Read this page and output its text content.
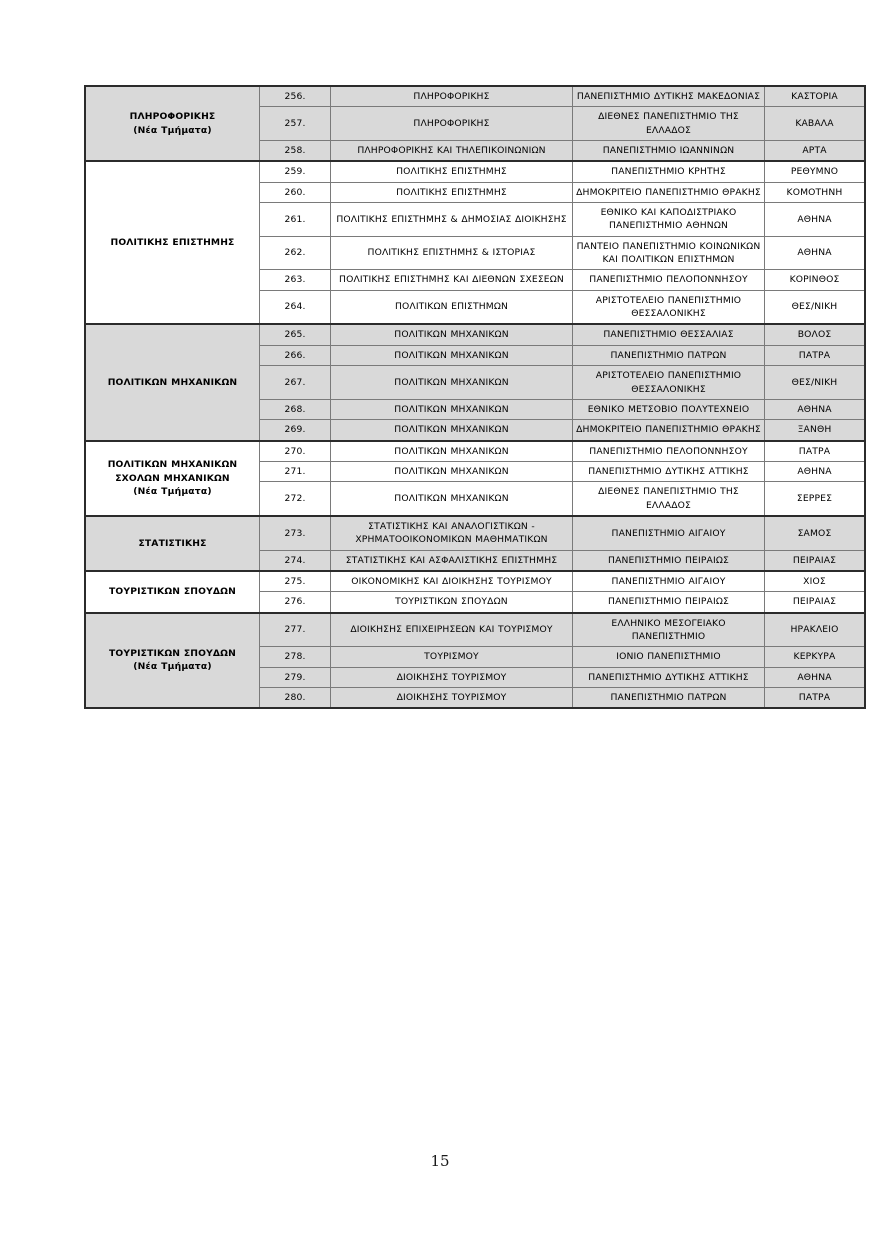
ΠΛΗΡΟΦΟΡΙΚΗΣ
(Νέα Τμήματα)	256.	ΠΛΗΡΟΦΟΡΙΚΗΣ	ΠΑΝΕΠΙΣΤΗΜΙΟ ΔΥΤΙΚΗΣ ΜΑΚΕΔΟΝΙΑΣ	ΚΑΣΤΟΡΙΑ
	257.	ΠΛΗΡΟΦΟΡΙΚΗΣ	ΔΙΕΘΝΕΣ ΠΑΝΕΠΙΣΤΗΜΙΟ ΤΗΣ ΕΛΛΑΔΟΣ	ΚΑΒΑΛΑ
	258.	ΠΛΗΡΟΦΟΡΙΚΗΣ ΚΑΙ ΤΗΛΕΠΙΚΟΙΝΩΝΙΩΝ	ΠΑΝΕΠΙΣΤΗΜΙΟ ΙΩΑΝΝΙΝΩΝ	ΑΡΤΑ
ΠΟΛΙΤΙΚΗΣ ΕΠΙΣΤΗΜΗΣ	259.	ΠΟΛΙΤΙΚΗΣ ΕΠΙΣΤΗΜΗΣ	ΠΑΝΕΠΙΣΤΗΜΙΟ ΚΡΗΤΗΣ	ΡΕΘΥΜΝΟ
	260.	ΠΟΛΙΤΙΚΗΣ ΕΠΙΣΤΗΜΗΣ	ΔΗΜΟΚΡΙΤΕΙΟ ΠΑΝΕΠΙΣΤΗΜΙΟ ΘΡΑΚΗΣ	ΚΟΜΟΤΗΝΗ
	261.	ΠΟΛΙΤΙΚΗΣ ΕΠΙΣΤΗΜΗΣ & ΔΗΜΟΣΙΑΣ ΔΙΟΙΚΗΣΗΣ	ΕΘΝΙΚΟ ΚΑΙ ΚΑΠΟΔΙΣΤΡΙΑΚΟ ΠΑΝΕΠΙΣΤΗΜΙΟ ΑΘΗΝΩΝ	ΑΘΗΝΑ
	262.	ΠΟΛΙΤΙΚΗΣ ΕΠΙΣΤΗΜΗΣ & ΙΣΤΟΡΙΑΣ	ΠΑΝΤΕΙΟ ΠΑΝΕΠΙΣΤΗΜΙΟ ΚΟΙΝΩΝΙΚΩΝ ΚΑΙ ΠΟΛΙΤΙΚΩΝ ΕΠΙΣΤΗΜΩΝ	ΑΘΗΝΑ
	263.	ΠΟΛΙΤΙΚΗΣ ΕΠΙΣΤΗΜΗΣ ΚΑΙ ΔΙΕΘΝΩΝ ΣΧΕΣΕΩΝ	ΠΑΝΕΠΙΣΤΗΜΙΟ ΠΕΛΟΠΟΝΝΗΣΟΥ	ΚΟΡΙΝΘΟΣ
	264.	ΠΟΛΙΤΙΚΩΝ ΕΠΙΣΤΗΜΩΝ	ΑΡΙΣΤΟΤΕΛΕΙΟ ΠΑΝΕΠΙΣΤΗΜΙΟ ΘΕΣΣΑΛΟΝΙΚΗΣ	ΘΕΣ/ΝΙΚΗ
ΠΟΛΙΤΙΚΩΝ ΜΗΧΑΝΙΚΩΝ	265.	ΠΟΛΙΤΙΚΩΝ ΜΗΧΑΝΙΚΩΝ	ΠΑΝΕΠΙΣΤΗΜΙΟ ΘΕΣΣΑΛΙΑΣ	ΒΟΛΟΣ
	266.	ΠΟΛΙΤΙΚΩΝ ΜΗΧΑΝΙΚΩΝ	ΠΑΝΕΠΙΣΤΗΜΙΟ ΠΑΤΡΩΝ	ΠΑΤΡΑ
	267.	ΠΟΛΙΤΙΚΩΝ ΜΗΧΑΝΙΚΩΝ	ΑΡΙΣΤΟΤΕΛΕΙΟ ΠΑΝΕΠΙΣΤΗΜΙΟ ΘΕΣΣΑΛΟΝΙΚΗΣ	ΘΕΣ/ΝΙΚΗ
	268.	ΠΟΛΙΤΙΚΩΝ ΜΗΧΑΝΙΚΩΝ	ΕΘΝΙΚΟ ΜΕΤΣΟΒΙΟ ΠΟΛΥΤΕΧΝΕΙΟ	ΑΘΗΝΑ
	269.	ΠΟΛΙΤΙΚΩΝ ΜΗΧΑΝΙΚΩΝ	ΔΗΜΟΚΡΙΤΕΙΟ ΠΑΝΕΠΙΣΤΗΜΙΟ ΘΡΑΚΗΣ	ΞΑΝΘΗ
ΠΟΛΙΤΙΚΩΝ ΜΗΧΑΝΙΚΩΝ ΣΧΟΛΩΝ ΜΗΧΑΝΙΚΩΝ
(Νέα Τμήματα)	270.	ΠΟΛΙΤΙΚΩΝ ΜΗΧΑΝΙΚΩΝ	ΠΑΝΕΠΙΣΤΗΜΙΟ ΠΕΛΟΠΟΝΝΗΣΟΥ	ΠΑΤΡΑ
	271.	ΠΟΛΙΤΙΚΩΝ ΜΗΧΑΝΙΚΩΝ	ΠΑΝΕΠΙΣΤΗΜΙΟ ΔΥΤΙΚΗΣ ΑΤΤΙΚΗΣ	ΑΘΗΝΑ
	272.	ΠΟΛΙΤΙΚΩΝ ΜΗΧΑΝΙΚΩΝ	ΔΙΕΘΝΕΣ ΠΑΝΕΠΙΣΤΗΜΙΟ ΤΗΣ ΕΛΛΑΔΟΣ	ΣΕΡΡΕΣ
ΣΤΑΤΙΣΤΙΚΗΣ	273.	ΣΤΑΤΙΣΤΙΚΗΣ ΚΑΙ ΑΝΑΛΟΓΙΣΤΙΚΩΝ - ΧΡΗΜΑΤΟΟΙΚΟΝΟΜΙΚΩΝ ΜΑΘΗΜΑΤΙΚΩΝ	ΠΑΝΕΠΙΣΤΗΜΙΟ ΑΙΓΑΙΟΥ	ΣΑΜΟΣ
	274.	ΣΤΑΤΙΣΤΙΚΗΣ ΚΑΙ ΑΣΦΑΛΙΣΤΙΚΗΣ ΕΠΙΣΤΗΜΗΣ	ΠΑΝΕΠΙΣΤΗΜΙΟ ΠΕΙΡΑΙΩΣ	ΠΕΙΡΑΙΑΣ
ΤΟΥΡΙΣΤΙΚΩΝ ΣΠΟΥΔΩΝ	275.	ΟΙΚΟΝΟΜΙΚΗΣ ΚΑΙ ΔΙΟΙΚΗΣΗΣ ΤΟΥΡΙΣΜΟΥ	ΠΑΝΕΠΙΣΤΗΜΙΟ ΑΙΓΑΙΟΥ	ΧΙΟΣ
	276.	ΤΟΥΡΙΣΤΙΚΩΝ ΣΠΟΥΔΩΝ	ΠΑΝΕΠΙΣΤΗΜΙΟ ΠΕΙΡΑΙΩΣ	ΠΕΙΡΑΙΑΣ
ΤΟΥΡΙΣΤΙΚΩΝ ΣΠΟΥΔΩΝ
(Νέα Τμήματα)	277.	ΔΙΟΙΚΗΣΗΣ ΕΠΙΧΕΙΡΗΣΕΩΝ ΚΑΙ ΤΟΥΡΙΣΜΟΥ	ΕΛΛΗΝΙΚΟ ΜΕΣΟΓΕΙΑΚΟ ΠΑΝΕΠΙΣΤΗΜΙΟ	ΗΡΑΚΛΕΙΟ
	278.	ΤΟΥΡΙΣΜΟΥ	ΙΟΝΙΟ ΠΑΝΕΠΙΣΤΗΜΙΟ	ΚΕΡΚΥΡΑ
	279.	ΔΙΟΙΚΗΣΗΣ ΤΟΥΡΙΣΜΟΥ	ΠΑΝΕΠΙΣΤΗΜΙΟ ΔΥΤΙΚΗΣ ΑΤΤΙΚΗΣ	ΑΘΗΝΑ
	280.	ΔΙΟΙΚΗΣΗΣ ΤΟΥΡΙΣΜΟΥ	ΠΑΝΕΠΙΣΤΗΜΙΟ ΠΑΤΡΩΝ	ΠΑΤΡΑ
15
